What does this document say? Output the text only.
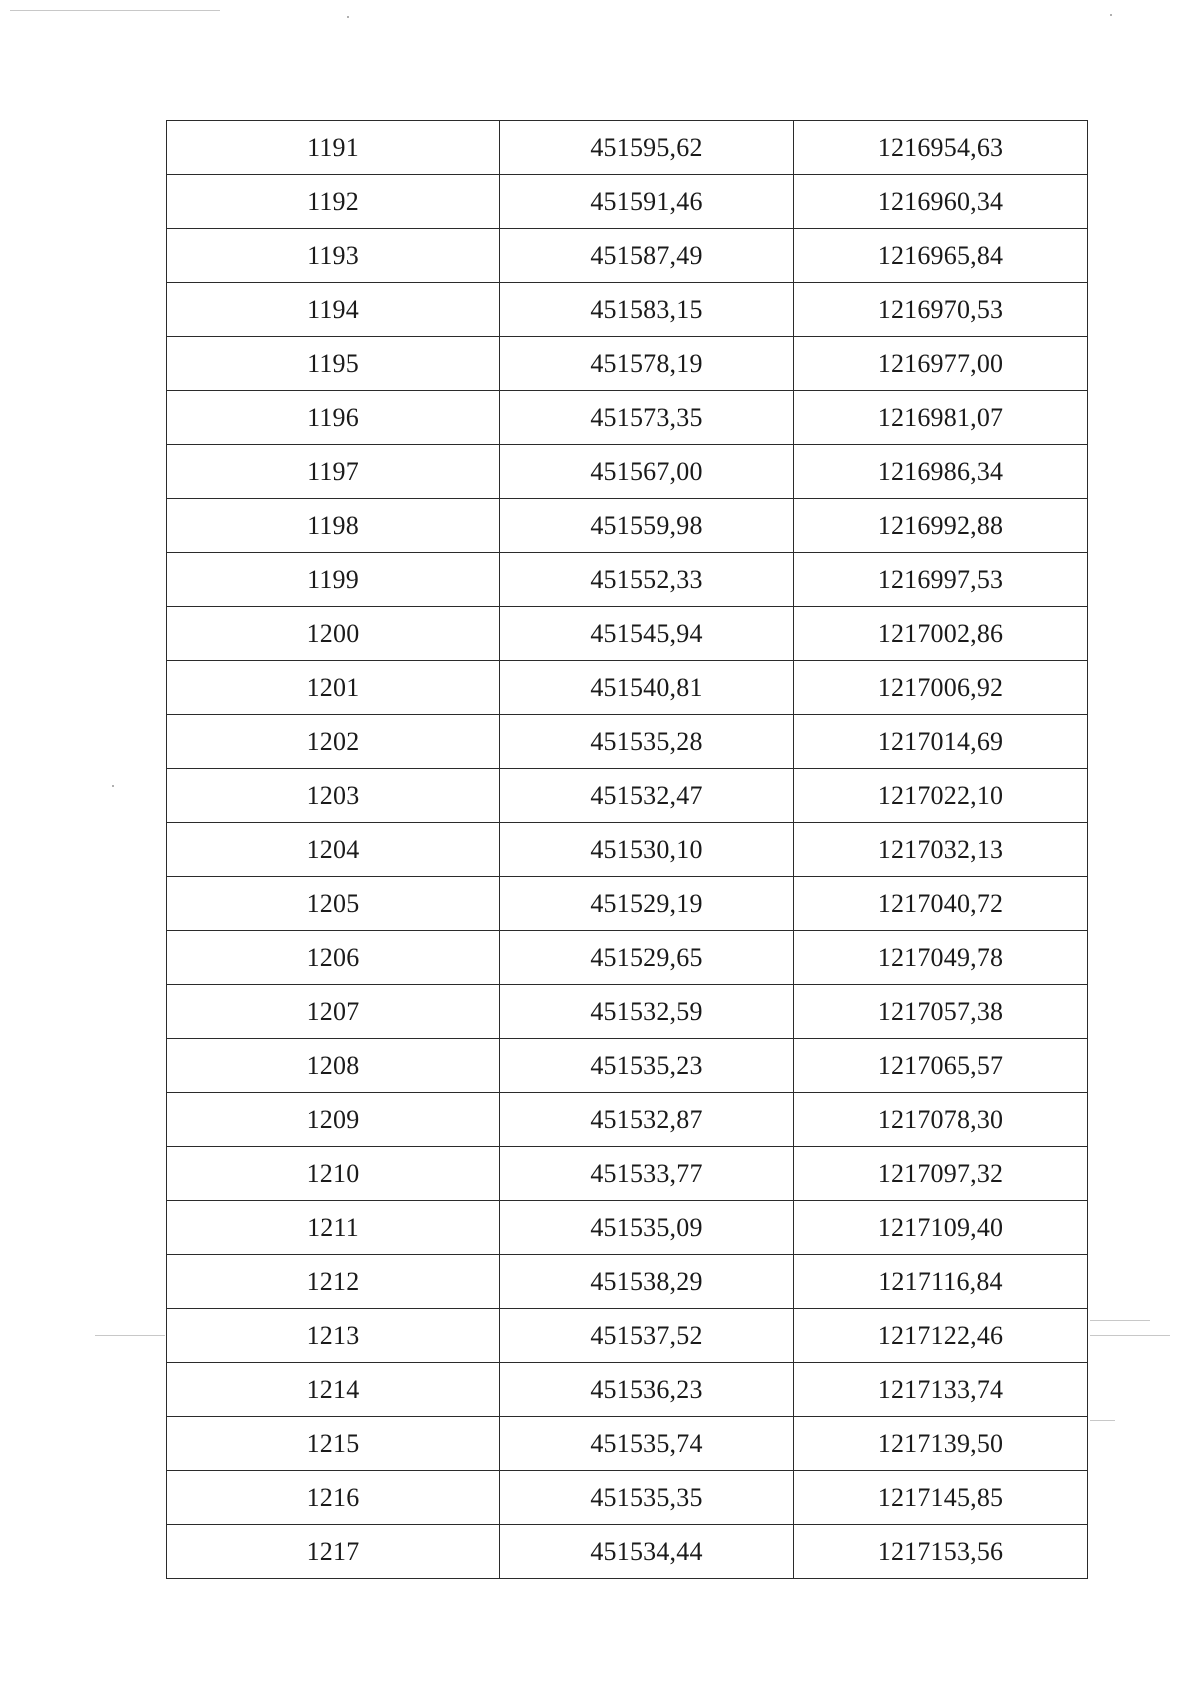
1191	451595,62	1216954,63
1192	451591,46	1216960,34
1193	451587,49	1216965,84
1194	451583,15	1216970,53
1195	451578,19	1216977,00
1196	451573,35	1216981,07
1197	451567,00	1216986,34
1198	451559,98	1216992,88
1199	451552,33	1216997,53
1200	451545,94	1217002,86
1201	451540,81	1217006,92
1202	451535,28	1217014,69
1203	451532,47	1217022,10
1204	451530,10	1217032,13
1205	451529,19	1217040,72
1206	451529,65	1217049,78
1207	451532,59	1217057,38
1208	451535,23	1217065,57
1209	451532,87	1217078,30
1210	451533,77	1217097,32
1211	451535,09	1217109,40
1212	451538,29	1217116,84
1213	451537,52	1217122,46
1214	451536,23	1217133,74
1215	451535,74	1217139,50
1216	451535,35	1217145,85
1217	451534,44	1217153,56
